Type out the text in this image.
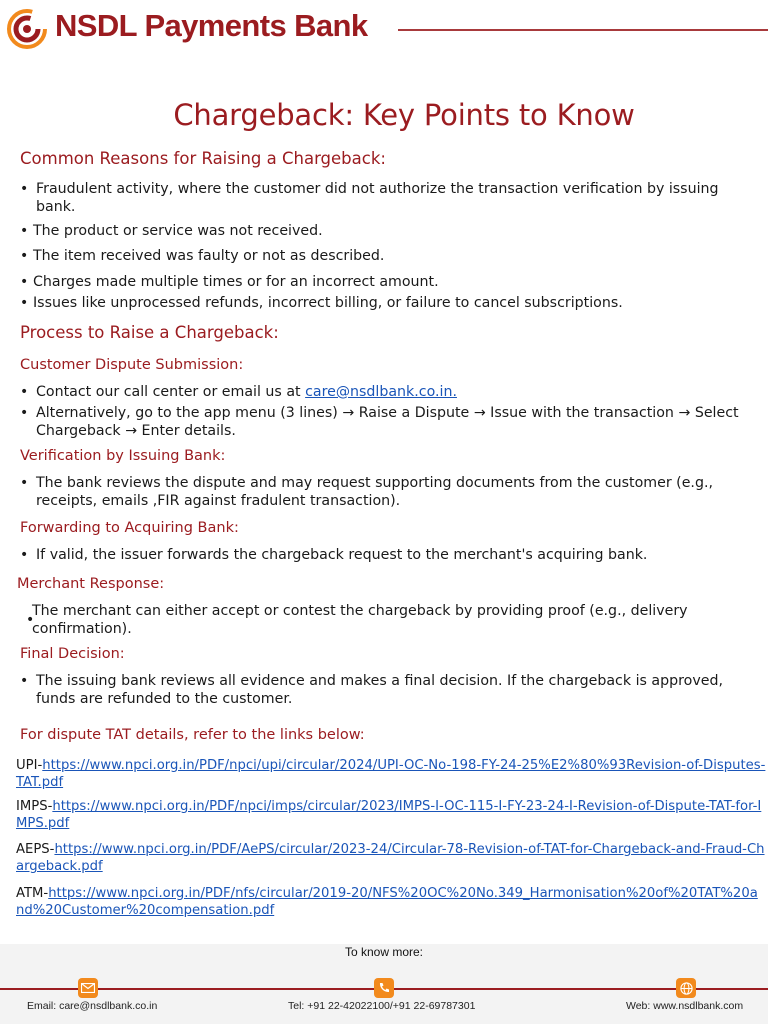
NSDL Payments Bank
Chargeback: Key Points to Know
Common Reasons for Raising a Chargeback:
• Fraudulent activity, where the customer did not authorize the transaction verification by issuing bank.
• The product or service was not received.
• The item received was faulty or not as described.
• Charges made multiple times or for an incorrect amount.
• Issues like unprocessed refunds, incorrect billing, or failure to cancel subscriptions.
Process to Raise a Chargeback:
Customer Dispute Submission:
• Contact our call center or email us at care@nsdlbank.co.in.
• Alternatively, go to the app menu (3 lines) → Raise a Dispute → Issue with the transaction → Select Chargeback → Enter details.
Verification by Issuing Bank:
• The bank reviews the dispute and may request supporting documents from the customer (e.g., receipts, emails ,FIR against fradulent transaction).
Forwarding to Acquiring Bank:
• If valid, the issuer forwards the chargeback request to the merchant's acquiring bank.
Merchant Response:
•
The merchant can either accept or contest the chargeback by providing proof (e.g., delivery confirmation).
Final Decision:
• The issuing bank reviews all evidence and makes a final decision. If the chargeback is approved, funds are refunded to the customer.
For dispute TAT details, refer to the links below:
UPI-https://www.npci.org.in/PDF/npci/upi/circular/2024/UPI-OC-No-198-FY-24-25%E2%80%93Revision-of-Disputes-TAT.pdf
IMPS-https://www.npci.org.in/PDF/npci/imps/circular/2023/IMPS-I-OC-115-I-FY-23-24-I-Revision-of-Dispute-TAT-for-IMPS.pdf
AEPS-https://www.npci.org.in/PDF/AePS/circular/2023-24/Circular-78-Revision-of-TAT-for-Chargeback-and-Fraud-Chargeback.pdf
ATM-https://www.npci.org.in/PDF/nfs/circular/2019-20/NFS%20OC%20No.349_Harmonisation%20of%20TAT%20and%20Customer%20compensation.pdf
To know more:
Email: care@nsdlbank.co.in	Tel: +91 22-42022100/+91 22-69787301	Web: www.nsdlbank.com
